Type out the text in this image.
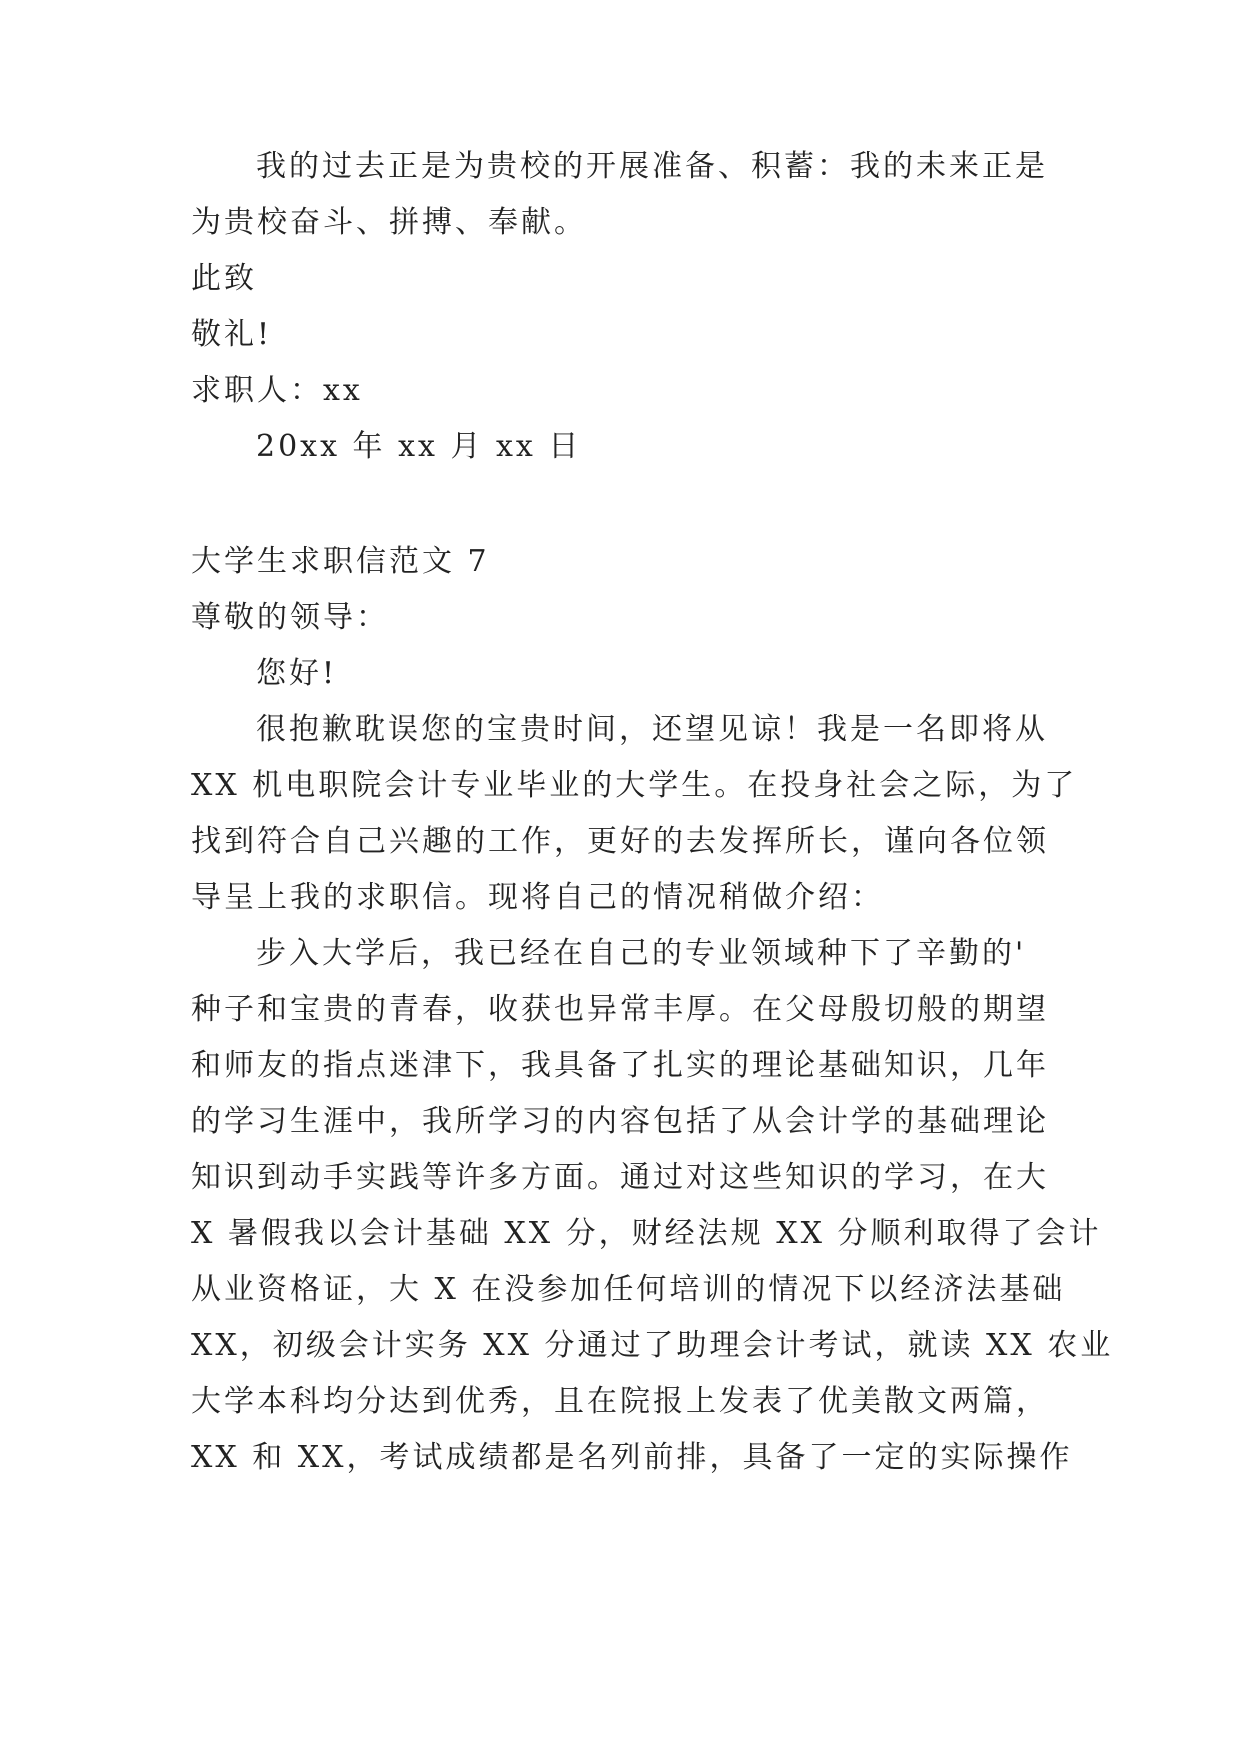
我的过去正是为贵校的开展准备、积蓄：我的未来正是
为贵校奋斗、拼搏、奉献。
此致
敬礼!
求职人：xx
20xx 年 xx 月 xx 日
大学生求职信范文 7
尊敬的领导：
您好!
很抱歉耽误您的宝贵时间，还望见谅！我是一名即将从
XX 机电职院会计专业毕业的大学生。在投身社会之际，为了
找到符合自己兴趣的工作，更好的去发挥所长，谨向各位领
导呈上我的求职信。现将自己的情况稍做介绍：
步入大学后，我已经在自己的专业领域种下了辛勤的'
种子和宝贵的青春，收获也异常丰厚。在父母殷切般的期望
和师友的指点迷津下，我具备了扎实的理论基础知识，几年
的学习生涯中，我所学习的内容包括了从会计学的基础理论
知识到动手实践等许多方面。通过对这些知识的学习，在大
X 暑假我以会计基础 XX 分，财经法规 XX 分顺利取得了会计
从业资格证，大 X 在没参加任何培训的情况下以经济法基础
XX，初级会计实务 XX 分通过了助理会计考试，就读 XX 农业
大学本科均分达到优秀，且在院报上发表了优美散文两篇，
XX 和 XX，考试成绩都是名列前排，具备了一定的实际操作
